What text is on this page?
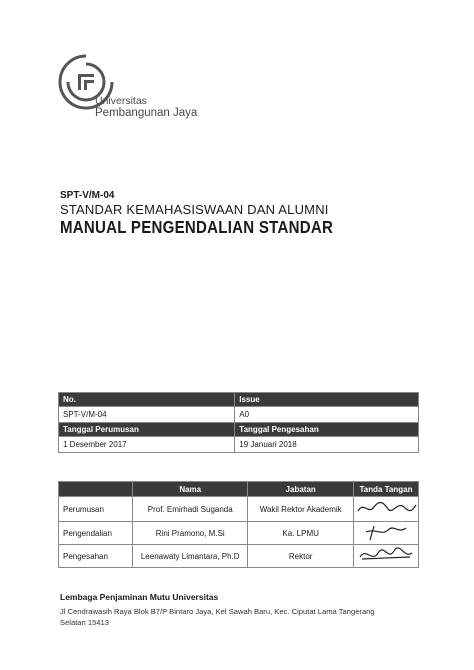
Universitas
Pembangunan Jaya
SPT-V/M-04
STANDAR KEMAHASISWAAN DAN ALUMNI
MANUAL PENGENDALIAN STANDAR
No.	Issue
SPT-V/M-04	A0
Tanggal Perumusan	Tanggal Pengesahan
1 Desember 2017	19 Januari 2018
	Nama	Jabatan	Tanda Tangan
Perumusan	Prof. Emirhadi Suganda	Wakil Rektor Akademik	
Pengendalian	Rini Pramono, M.Si	Ka. LPMU	
Pengesahan	Leenawaty Limantara, Ph.D	Rektor	
Lembaga Penjaminan Mutu Universitas
Jl Cendrawasih Raya Blok B7/P Bintaro Jaya, Kel Sawah Baru, Kec. Ciputat Lama Tangerang Selatan 15413
